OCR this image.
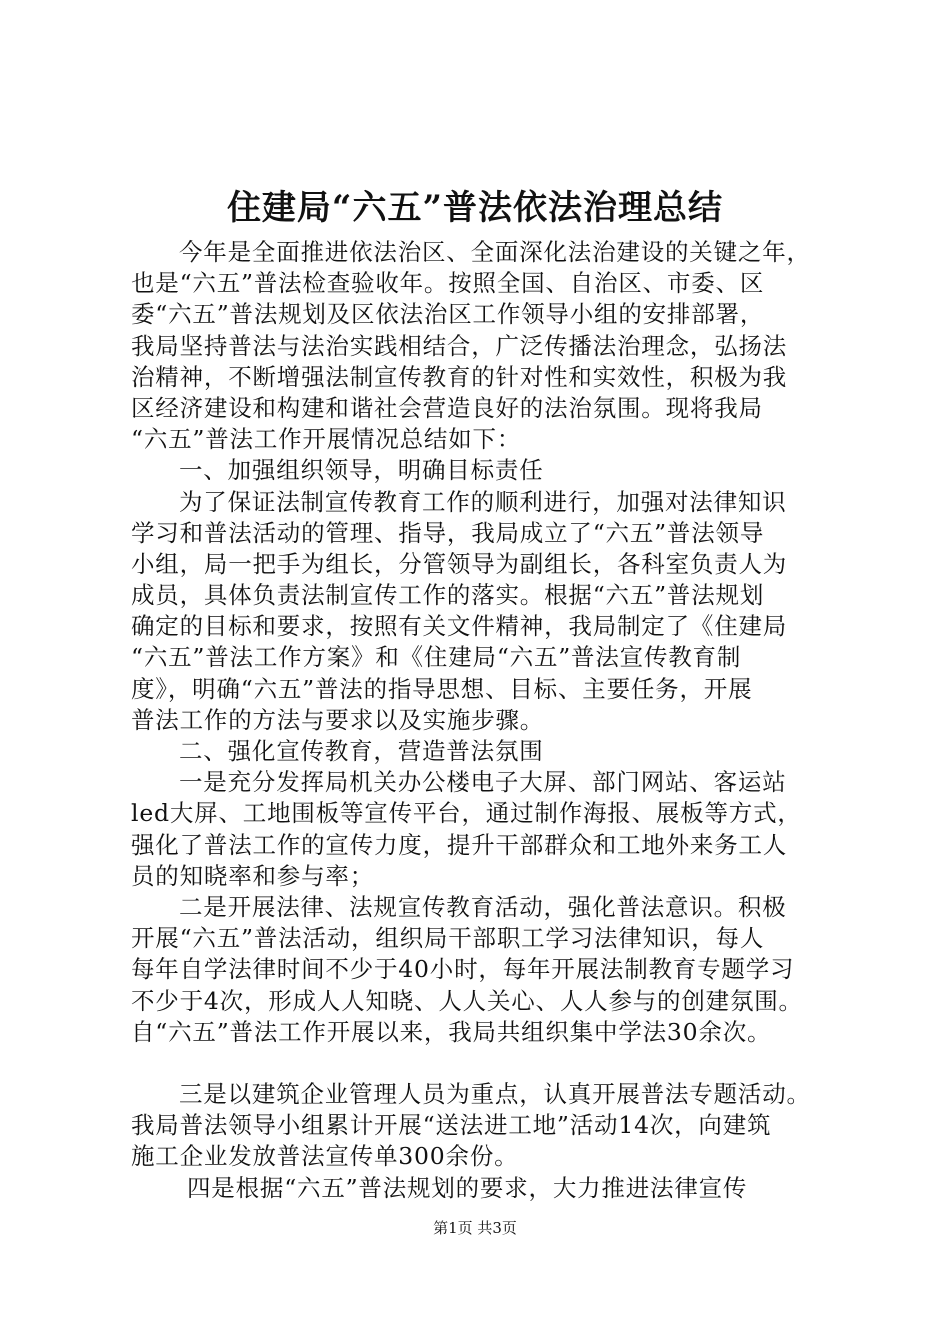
住建局“六五”普法依法治理总结
今年是全面推进依法治区、全面深化法治建设的关键之年，
也是“六五”普法检查验收年。按照全国、自治区、市委、区
委“六五”普法规划及区依法治区工作领导小组的安排部署，
我局坚持普法与法治实践相结合，广泛传播法治理念，弘扬法
治精神，不断增强法制宣传教育的针对性和实效性，积极为我
区经济建设和构建和谐社会营造良好的法治氛围。现将我局
“六五”普法工作开展情况总结如下：
一、加强组织领导，明确目标责任
为了保证法制宣传教育工作的顺利进行，加强对法律知识
学习和普法活动的管理、指导，我局成立了“六五”普法领导
小组，局一把手为组长，分管领导为副组长，各科室负责人为
成员，具体负责法制宣传工作的落实。根据“六五”普法规划
确定的目标和要求，按照有关文件精神，我局制定了《住建局
“六五”普法工作方案》和《住建局“六五”普法宣传教育制
度》，明确“六五”普法的指导思想、目标、主要任务，开展
普法工作的方法与要求以及实施步骤。
二、强化宣传教育，营造普法氛围
一是充分发挥局机关办公楼电子大屏、部门网站、客运站
led大屏、工地围板等宣传平台，通过制作海报、展板等方式，
强化了普法工作的宣传力度，提升干部群众和工地外来务工人
员的知晓率和参与率；
二是开展法律、法规宣传教育活动，强化普法意识。积极
开展“六五”普法活动，组织局干部职工学习法律知识，每人
每年自学法律时间不少于40小时，每年开展法制教育专题学习
不少于4次，形成人人知晓、人人关心、人人参与的创建氛围。
自“六五”普法工作开展以来，我局共组织集中学法30余次。
三是以建筑企业管理人员为重点，认真开展普法专题活动。
我局普法领导小组累计开展“送法进工地”活动14次，向建筑
施工企业发放普法宣传单300余份。
四是根据“六五”普法规划的要求，大力推进法律宣传
第1页 共3页
